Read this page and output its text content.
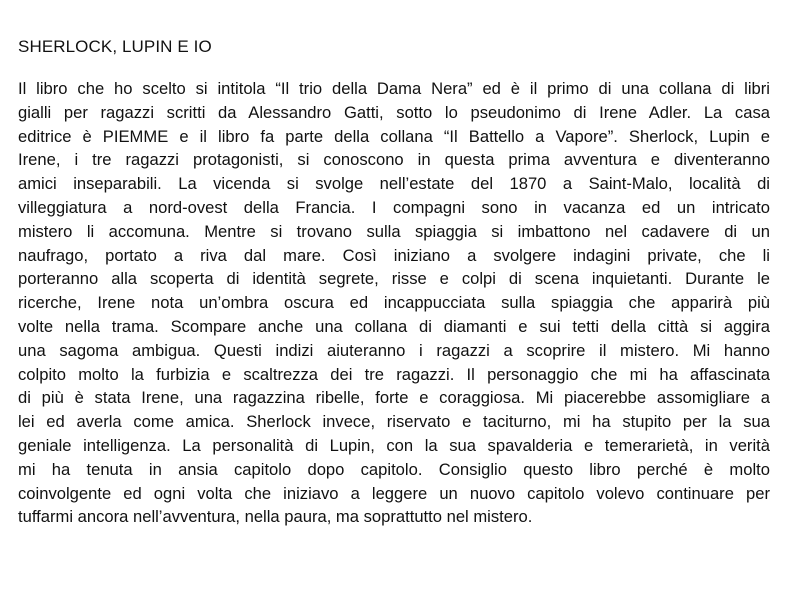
SHERLOCK, LUPIN E IO
Il libro che ho scelto si intitola “Il trio della Dama Nera” ed è il primo di una collana di libri
gialli per ragazzi scritti da Alessandro Gatti, sotto lo pseudonimo di Irene Adler. La casa
editrice è PIEMME e il libro fa parte della collana “Il Battello a Vapore”. Sherlock, Lupin e
Irene, i tre ragazzi protagonisti, si conoscono in questa prima avventura e diventeranno
amici inseparabili. La vicenda si svolge nell’estate del 1870 a Saint-Malo, località di
villeggiatura a nord-ovest della Francia. I compagni sono in vacanza ed un intricato
mistero li accomuna. Mentre si trovano sulla spiaggia si imbattono nel cadavere di un
naufrago, portato a riva dal mare. Così iniziano a svolgere indagini private, che li
porteranno alla scoperta di identità segrete, risse e colpi di scena inquietanti. Durante le
ricerche, Irene nota un’ombra oscura ed incappucciata sulla spiaggia che apparirà più
volte nella trama. Scompare anche una collana di diamanti e sui tetti della città si aggira
una sagoma ambigua. Questi indizi aiuteranno i ragazzi a scoprire il mistero. Mi hanno
colpito molto la furbizia e scaltrezza dei tre ragazzi. Il personaggio che mi ha affascinata
di più è stata Irene, una ragazzina ribelle, forte e coraggiosa. Mi piacerebbe assomigliare a
lei ed averla come amica. Sherlock invece, riservato e taciturno, mi ha stupito per la sua
geniale intelligenza. La personalità di Lupin, con la sua spavalderia e temerarietà, in verità
mi ha tenuta in ansia capitolo dopo capitolo. Consiglio questo libro perché è molto
coinvolgente ed ogni volta che iniziavo a leggere un nuovo capitolo volevo continuare per
tuffarmi ancora nell’avventura, nella paura, ma soprattutto nel mistero.
